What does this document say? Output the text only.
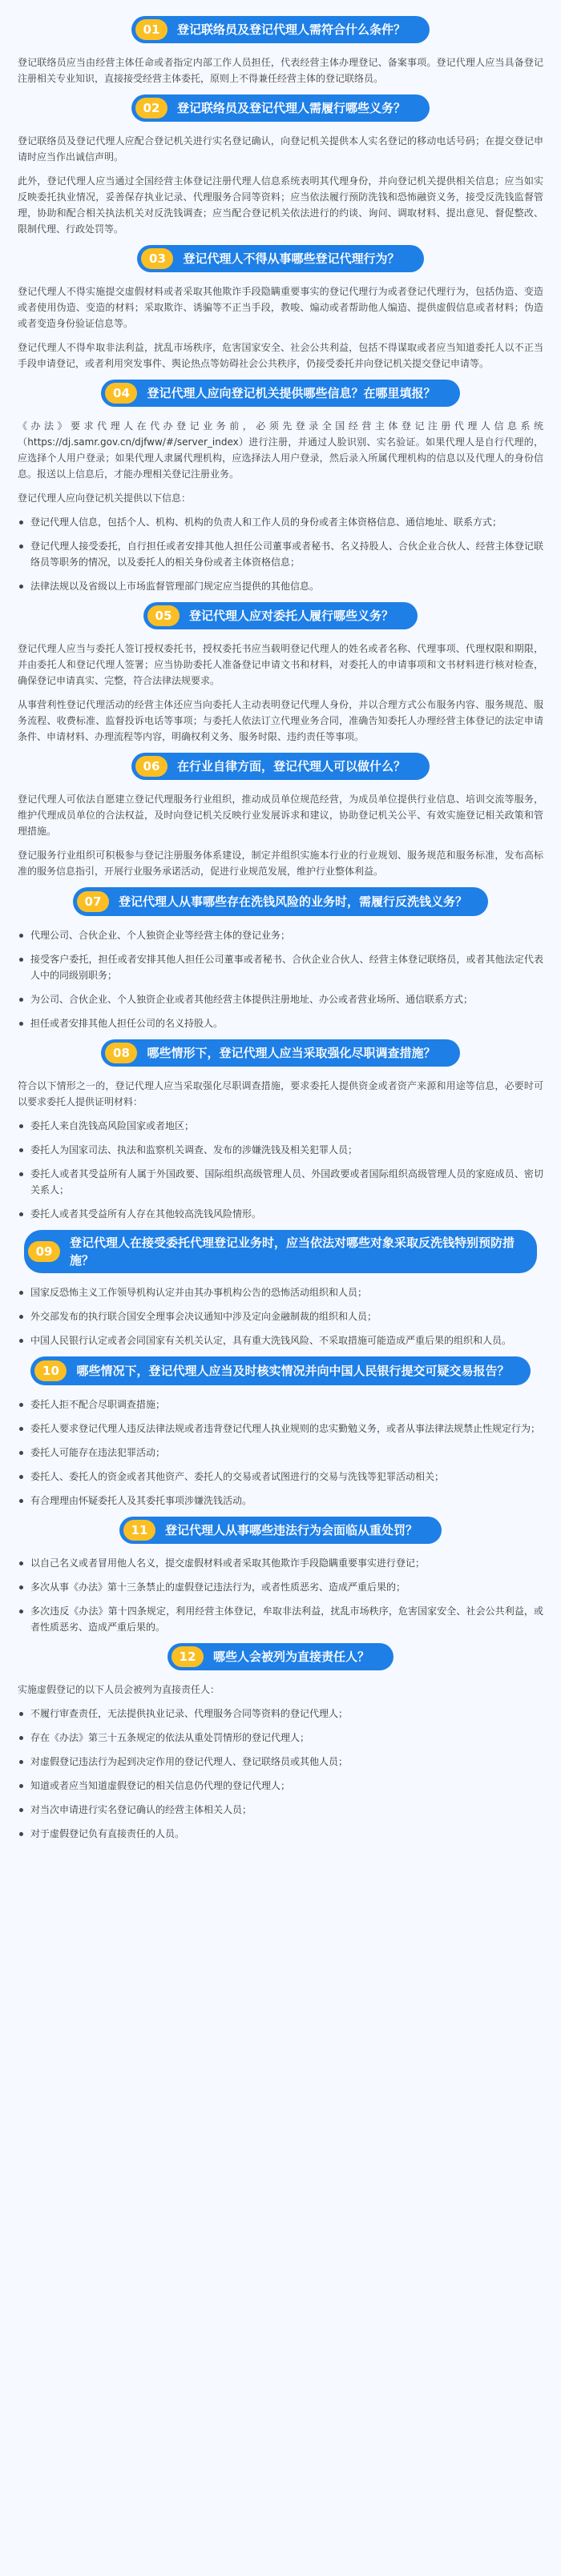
01	登记联络员及登记代理人需符合什么条件？

登记联络员应当由经营主体任命或者指定内部工作人员担任，代表经营主体办理登记、备案事项。登记代理人应当具备登记注册相关专业知识，直接接受经营主体委托，原则上不得兼任经营主体的登记联络员。

02	登记联络员及登记代理人需履行哪些义务？

登记联络员及登记代理人应配合登记机关进行实名登记确认，向登记机关提供本人实名登记的移动电话号码；在提交登记申请时应当作出诚信声明。

此外，登记代理人应当通过全国经营主体登记注册代理人信息系统表明其代理身份，并向登记机关提供相关信息；应当如实反映委托执业情况，妥善保存执业记录、代理服务合同等资料；应当依法履行预防洗钱和恐怖融资义务，接受反洗钱监督管理，协助和配合相关执法机关对反洗钱调查；应当配合登记机关依法进行的约谈、询问、调取材料、提出意见、督促整改、限制代理、行政处罚等。

03	登记代理人不得从事哪些登记代理行为？

登记代理人不得实施提交虚假材料或者采取其他欺诈手段隐瞒重要事实的登记代理行为或者登记代理行为，包括伪造、变造或者使用伪造、变造的材料；采取欺诈、诱骗等不正当手段，教唆、煽动或者帮助他人编造、提供虚假信息或者材料；伪造或者变造身份验证信息等。

登记代理人不得牟取非法利益，扰乱市场秩序，危害国家安全、社会公共利益，包括不得谋取或者应当知道委托人以不正当手段申请登记，或者利用突发事件、舆论热点等妨碍社会公共秩序，仍接受委托并向登记机关提交登记申请等。

04	登记代理人应向登记机关提供哪些信息？在哪里填报？

《办法》要求代理人在代办登记业务前，必须先登录全国经营主体登记注册代理人信息系统（https://dj.samr.gov.cn/djfww/#/server_index）进行注册，并通过人脸识别、实名验证。如果代理人是自行代理的，应选择个人用户登录；如果代理人隶属代理机构，应选择法人用户登录，然后录入所属代理机构的信息以及代理人的身份信息。报送以上信息后，才能办理相关登记注册业务。

登记代理人应向登记机关提供以下信息：

登记代理人信息，包括个人、机构、机构的负责人和工作人员的身份或者主体资格信息、通信地址、联系方式；
登记代理人接受委托，自行担任或者安排其他人担任公司董事或者秘书、名义持股人、合伙企业合伙人、经营主体登记联络员等职务的情况，以及委托人的相关身份或者主体资格信息；
法律法规以及省级以上市场监督管理部门规定应当提供的其他信息。
05	登记代理人应对委托人履行哪些义务？

登记代理人应当与委托人签订授权委托书，授权委托书应当载明登记代理人的姓名或者名称、代理事项、代理权限和期限，并由委托人和登记代理人签署；应当协助委托人准备登记申请文书和材料，对委托人的申请事项和文书材料进行核对检查，确保登记申请真实、完整，符合法律法规要求。

从事营利性登记代理活动的经营主体还应当向委托人主动表明登记代理人身份，并以合理方式公布服务内容、服务规范、服务流程、收费标准、监督投诉电话等事项；与委托人依法订立代理业务合同，准确告知委托人办理经营主体登记的法定申请条件、申请材料、办理流程等内容，明确权利义务、服务时限、违约责任等事项。

06	在行业自律方面，登记代理人可以做什么？

登记代理人可依法自愿建立登记代理服务行业组织，推动成员单位规范经营，为成员单位提供行业信息、培训交流等服务，维护代理成员单位的合法权益，及时向登记机关反映行业发展诉求和建议，协助登记机关公平、有效实施登记相关政策和管理措施。

登记服务行业组织可积极参与登记注册服务体系建设，制定并组织实施本行业的行业规划、服务规范和服务标准，发布高标准的服务信息指引，开展行业服务承诺活动，促进行业规范发展，维护行业整体利益。

07	登记代理人从事哪些存在洗钱风险的业务时，需履行反洗钱义务？
代理公司、合伙企业、个人独资企业等经营主体的登记业务；
接受客户委托，担任或者安排其他人担任公司董事或者秘书、合伙企业合伙人、经营主体登记联络员，或者其他法定代表人中的同级别职务；
为公司、合伙企业、个人独资企业或者其他经营主体提供注册地址、办公或者营业场所、通信联系方式；
担任或者安排其他人担任公司的名义持股人。
08	哪些情形下，登记代理人应当采取强化尽职调查措施？

符合以下情形之一的，登记代理人应当采取强化尽职调查措施，要求委托人提供资金或者资产来源和用途等信息，必要时可以要求委托人提供证明材料：

委托人来自洗钱高风险国家或者地区；
委托人为国家司法、执法和监察机关调查、发布的涉嫌洗钱及相关犯罪人员；
委托人或者其受益所有人属于外国政要、国际组织高级管理人员、外国政要或者国际组织高级管理人员的家庭成员、密切关系人；
委托人或者其受益所有人存在其他较高洗钱风险情形。
09
登记代理人在接受委托代理登记业务时，应当依法对哪些对象采取反洗钱特别预防措施？
国家反恐怖主义工作领导机构认定并由其办事机构公告的恐怖活动组织和人员；
外交部发布的执行联合国安全理事会决议通知中涉及定向金融制裁的组织和人员；
中国人民银行认定或者会同国家有关机关认定，具有重大洗钱风险、不采取措施可能造成严重后果的组织和人员。
10	哪些情况下，登记代理人应当及时核实情况并向中国人民银行提交可疑交易报告？
委托人拒不配合尽职调查措施；
委托人要求登记代理人违反法律法规或者违背登记代理人执业规则的忠实勤勉义务，或者从事法律法规禁止性规定行为；
委托人可能存在违法犯罪活动；
委托人、委托人的资金或者其他资产、委托人的交易或者试图进行的交易与洗钱等犯罪活动相关；
有合理理由怀疑委托人及其委托事项涉嫌洗钱活动。
11	登记代理人从事哪些违法行为会面临从重处罚？
以自己名义或者冒用他人名义，提交虚假材料或者采取其他欺诈手段隐瞒重要事实进行登记；
多次从事《办法》第十三条禁止的虚假登记违法行为，或者性质恶劣、造成严重后果的；
多次违反《办法》第十四条规定，利用经营主体登记，牟取非法利益，扰乱市场秩序，危害国家安全、社会公共利益，或者性质恶劣、造成严重后果的。
12	哪些人会被列为直接责任人？

实施虚假登记的以下人员会被列为直接责任人：

不履行审查责任，无法提供执业记录、代理服务合同等资料的登记代理人；
存在《办法》第三十五条规定的依法从重处罚情形的登记代理人；
对虚假登记违法行为起到决定作用的登记代理人、登记联络员或其他人员；
知道或者应当知道虚假登记的相关信息仍代理的登记代理人；
对当次申请进行实名登记确认的经营主体相关人员；
对于虚假登记负有直接责任的人员。
